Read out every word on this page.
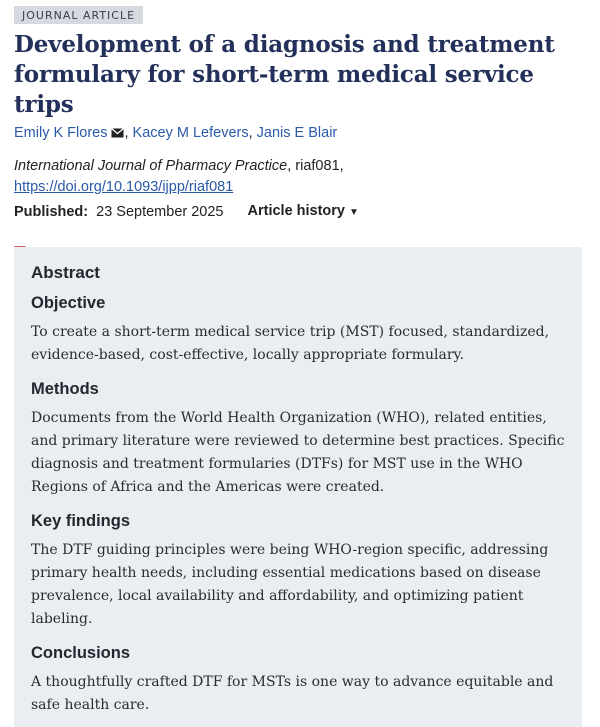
JOURNAL ARTICLE
Development of a diagnosis and treatment formulary for short-term medical service trips
Emily K Flores , Kacey M Lefevers, Janis E Blair
International Journal of Pharmacy Practice, riaf081,
https://doi.org/10.1093/ijpp/riaf081
Published: 23 September 2025 Article history ▼
Abstract
Objective

To create a short-term medical service trip (MST) focused, standardized, evidence-based, cost-effective, locally appropriate formulary.

Methods

Documents from the World Health Organization (WHO), related entities, and primary literature were reviewed to determine best practices. Specific diagnosis and treatment formularies (DTFs) for MST use in the WHO Regions of Africa and the Americas were created.

Key findings

The DTF guiding principles were being WHO-region specific, addressing primary health needs, including essential medications based on disease prevalence, local availability and affordability, and optimizing patient labeling.

Conclusions

A thoughtfully crafted DTF for MSTs is one way to advance equitable and safe health care.
